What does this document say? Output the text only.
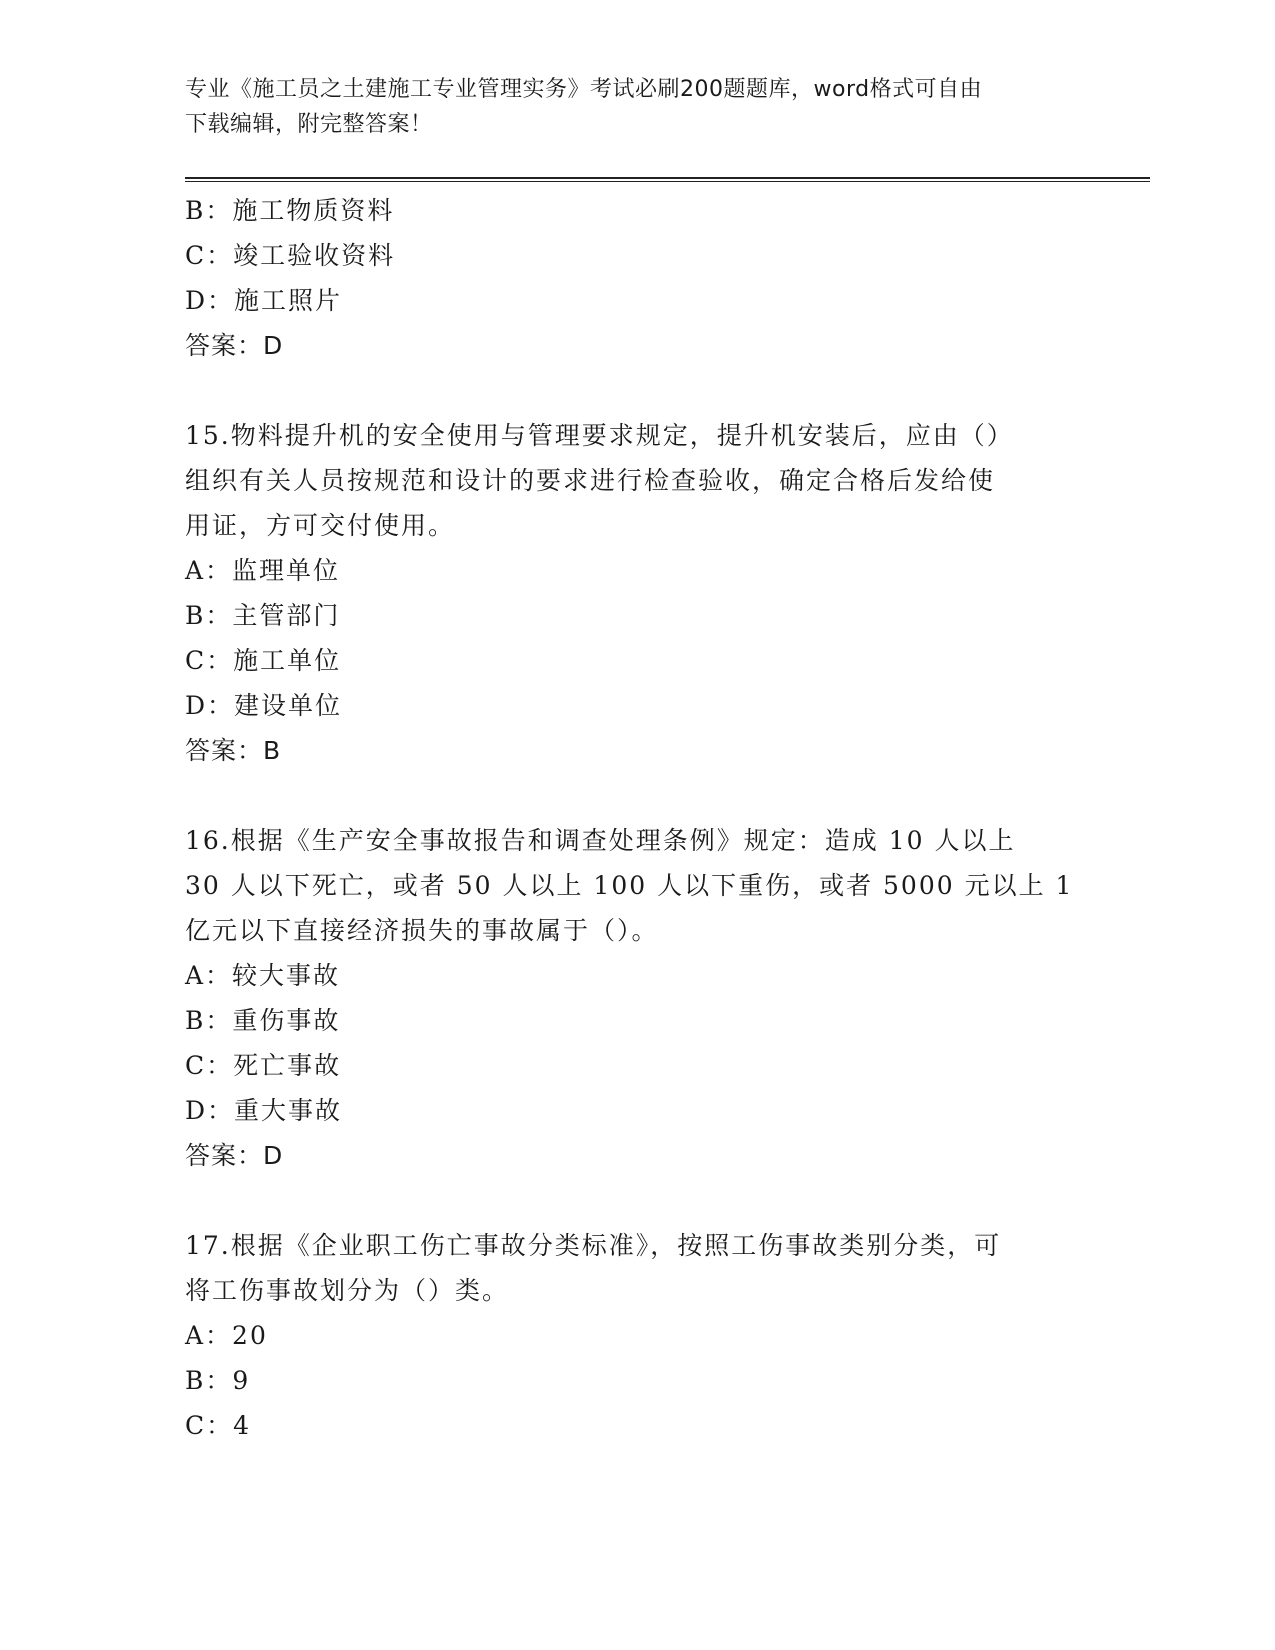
专业《施工员之土建施工专业管理实务》考试必刷200题题库，word格式可自由
下载编辑，附完整答案！
B：施工物质资料
C：竣工验收资料
D：施工照片
答案：D
15.物料提升机的安全使用与管理要求规定，提升机安装后，应由（）
组织有关人员按规范和设计的要求进行检查验收，确定合格后发给使
用证，方可交付使用。
A：监理单位
B：主管部门
C：施工单位
D：建设单位
答案：B
16.根据《生产安全事故报告和调查处理条例》规定：造成 10 人以上
30 人以下死亡，或者 50 人以上 100 人以下重伤，或者 5000 元以上 1
亿元以下直接经济损失的事故属于（）。
A：较大事故
B：重伤事故
C：死亡事故
D：重大事故
答案：D
17.根据《企业职工伤亡事故分类标准》，按照工伤事故类别分类，可
将工伤事故划分为（）类。
A：20
B：9
C：4
